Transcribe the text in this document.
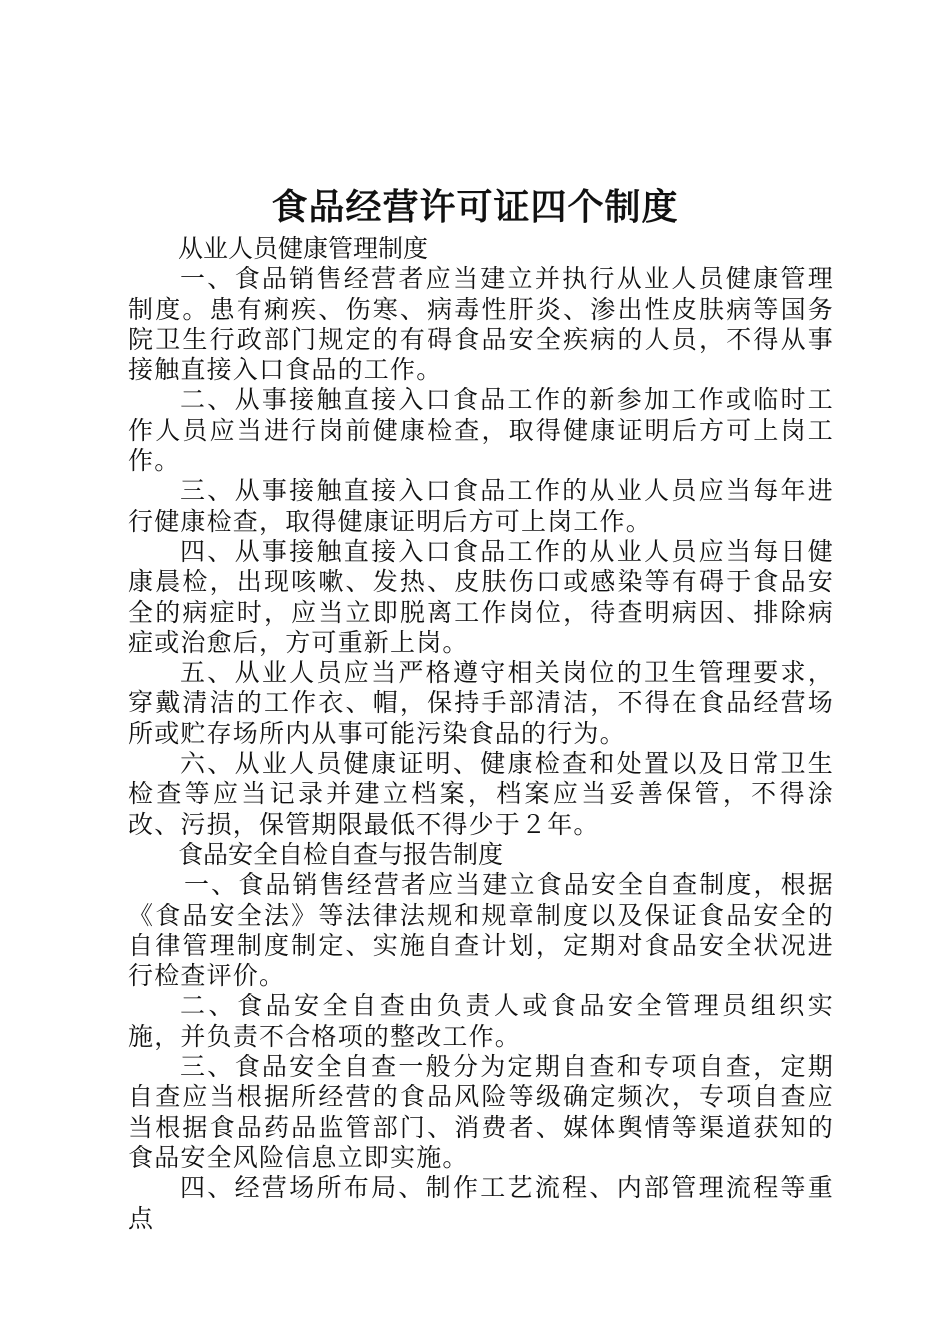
食品经营许可证四个制度

从业人员健康管理制度

一、食品销售经营者应当建立并执行从业人员健康管理制度。患有痢疾、伤寒、病毒性肝炎、渗出性皮肤病等国务院卫生行政部门规定的有碍食品安全疾病的人员，不得从事接触直接入口食品的工作。

二、从事接触直接入口食品工作的新参加工作或临时工作人员应当进行岗前健康检查，取得健康证明后方可上岗工作。

三、从事接触直接入口食品工作的从业人员应当每年进行健康检查，取得健康证明后方可上岗工作。

四、从事接触直接入口食品工作的从业人员应当每日健康晨检，出现咳嗽、发热、皮肤伤口或感染等有碍于食品安全的病症时，应当立即脱离工作岗位，待查明病因、排除病症或治愈后，方可重新上岗。

五、从业人员应当严格遵守相关岗位的卫生管理要求，穿戴清洁的工作衣、帽，保持手部清洁，不得在食品经营场所或贮存场所内从事可能污染食品的行为。

六、从业人员健康证明、健康检查和处置以及日常卫生检查等应当记录并建立档案，档案应当妥善保管，不得涂改、污损，保管期限最低不得少于２年。

食品安全自检自查与报告制度

一、食品销售经营者应当建立食品安全自查制度，根据《食品安全法》等法律法规和规章制度以及保证食品安全的自律管理制度制定、实施自查计划，定期对食品安全状况进行检查评价。

二、食品安全自查由负责人或食品安全管理员组织实施，并负责不合格项的整改工作。

三、食品安全自查一般分为定期自查和专项自查，定期自查应当根据所经营的食品风险等级确定频次，专项自查应当根据食品药品监管部门、消费者、媒体舆情等渠道获知的食品安全风险信息立即实施。

四、经营场所布局、制作工艺流程、内部管理流程等重点
